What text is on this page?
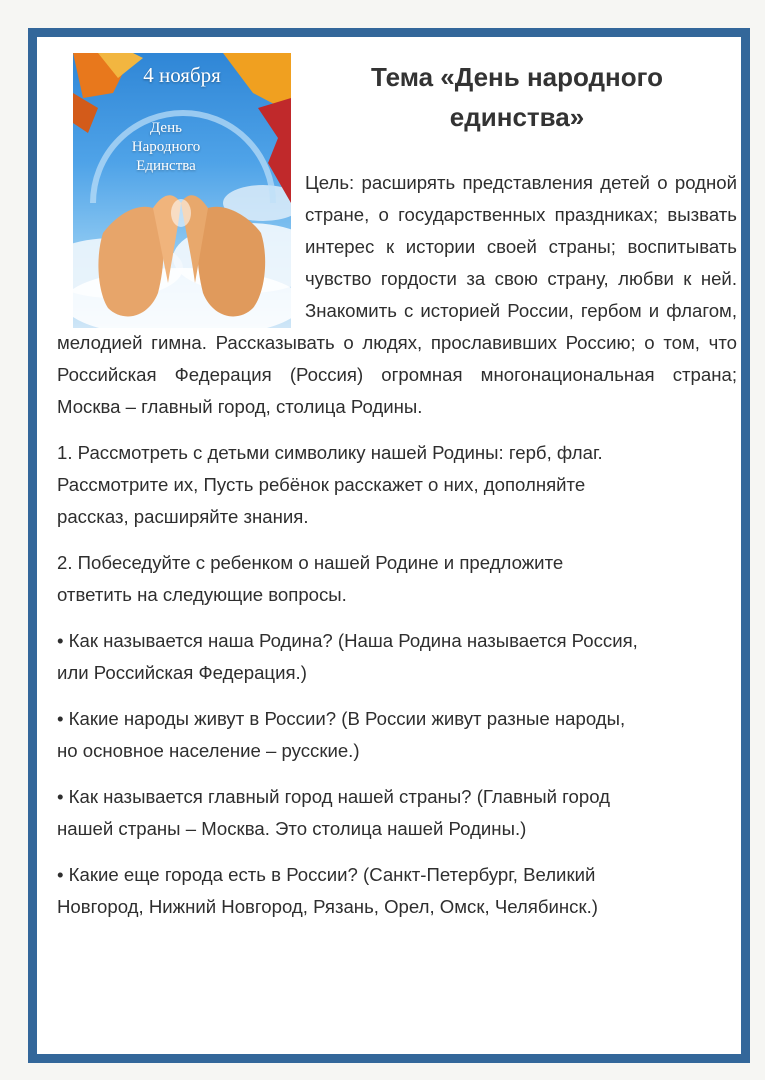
4 ноября
День
Народного
Единства
Тема «День народного
единства»

Цель: расширять представления детей о родной стране, о государственных праздниках; вызвать интерес к истории своей страны; воспитывать чувство гордости за свою страну, любви к ней. Знакомить с историей России, гербом и флагом, мелодией гимна. Рассказывать о людях, прославивших Россию; о том, что Российская Федерация (Россия) огромная многонациональная страна; Москва – главный город, столица Родины.

1. Рассмотреть с детьми символику нашей Родины: герб, флаг.
Рассмотрите их, Пусть ребёнок расскажет о них, дополняйте
рассказ, расширяйте знания.
2. Побеседуйте с ребенком о нашей Родине и предложите
ответить на следующие вопросы.
• Как называется наша Родина? (Наша Родина называется Россия,
или Российская Федерация.)
• Какие народы живут в России? (В России живут разные народы,
но основное население – русские.)
• Как называется главный город нашей страны? (Главный город
нашей страны – Москва. Это столица нашей Родины.)
• Какие еще города есть в России? (Санкт-Петербург, Великий
Новгород, Нижний Новгород, Рязань, Орел, Омск, Челябинск.)
